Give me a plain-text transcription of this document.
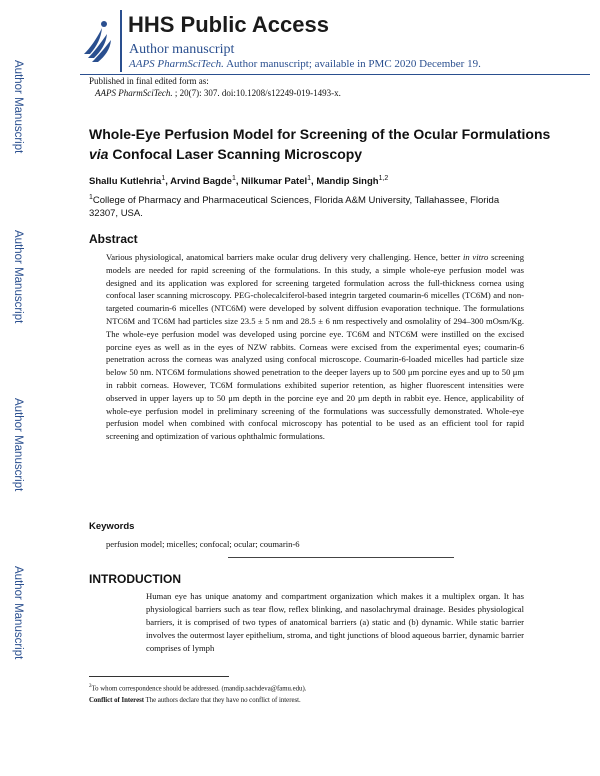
HHS Public Access
Author manuscript
AAPS PharmSciTech. Author manuscript; available in PMC 2020 December 19.
Author Manuscript
Author Manuscript
Author Manuscript
Author Manuscript
Published in final edited form as:
AAPS PharmSciTech. ; 20(7): 307. doi:10.1208/s12249-019-1493-x.
Whole-Eye Perfusion Model for Screening of the Ocular Formulations via Confocal Laser Scanning Microscopy
Shallu Kutlehria$^1$, Arvind Bagde$^1$, Nilkumar Patel$^1$, Mandip Singh$^{1,2}$
$^1$College of Pharmacy and Pharmaceutical Sciences, Florida A&M University, Tallahassee, Florida 32307, USA.
Abstract
Various physiological, anatomical barriers make ocular drug delivery very challenging. Hence, better in vitro screening models are needed for rapid screening of the formulations. In this study, a simple whole-eye perfusion model was designed and its application was explored for screening targeted formulation across the full-thickness cornea using confocal laser scanning microscopy. PEG-cholecalciferol-based integrin targeted coumarin-6 micelles (TC6M) and non-targeted coumarin-6 micelles (NTC6M) were developed by solvent diffusion evaporation technique. The formulations NTC6M and TC6M had particles size 23.5 ± 5 nm and 28.5 ± 6 nm respectively and osmolality of 294–300 mOsm/Kg. The whole-eye perfusion model was developed using porcine eye. TC6M and NTC6M were instilled on the excised porcine eyes as well as in the eyes of NZW rabbits. Corneas were excised from the experimental eyes; coumarin-6 penetration across the corneas was analyzed using confocal microscope. Coumarin-6-loaded micelles had particle size below 50 nm. NTC6M formulations showed penetration to the deeper layers up to 500 μm porcine eyes and up to 50 μm in rabbit corneas. However, TC6M formulations exhibited superior retention, as higher fluorescent intensities were observed in upper layers up to 50 μm depth in the porcine eye and 20 μm depth in rabbit eye. Hence, applicability of whole-eye perfusion model in preliminary screening of the formulations was successfully demonstrated. Whole-eye perfusion model when combined with confocal microscopy has potential to be used as an efficient tool for rapid screening and optimization of various ophthalmic formulations.
Keywords
perfusion model; micelles; confocal; ocular; coumarin-6
INTRODUCTION
Human eye has unique anatomy and compartment organization which makes it a multiplex organ. It has physiological barriers such as tear flow, reflex blinking, and nasolachrymal drainage. Besides physiological barriers, it is comprised of two types of anatomical barriers (a) static and (b) dynamic. While static barrier involves the outermost layer epithelium, stroma, and tight junctions of blood aqueous barrier, dynamic barrier comprises of lymph
$^2$To whom correspondence should be addressed. (mandip.sachdeva@famu.edu).
Conflict of Interest The authors declare that they have no conflict of interest.
